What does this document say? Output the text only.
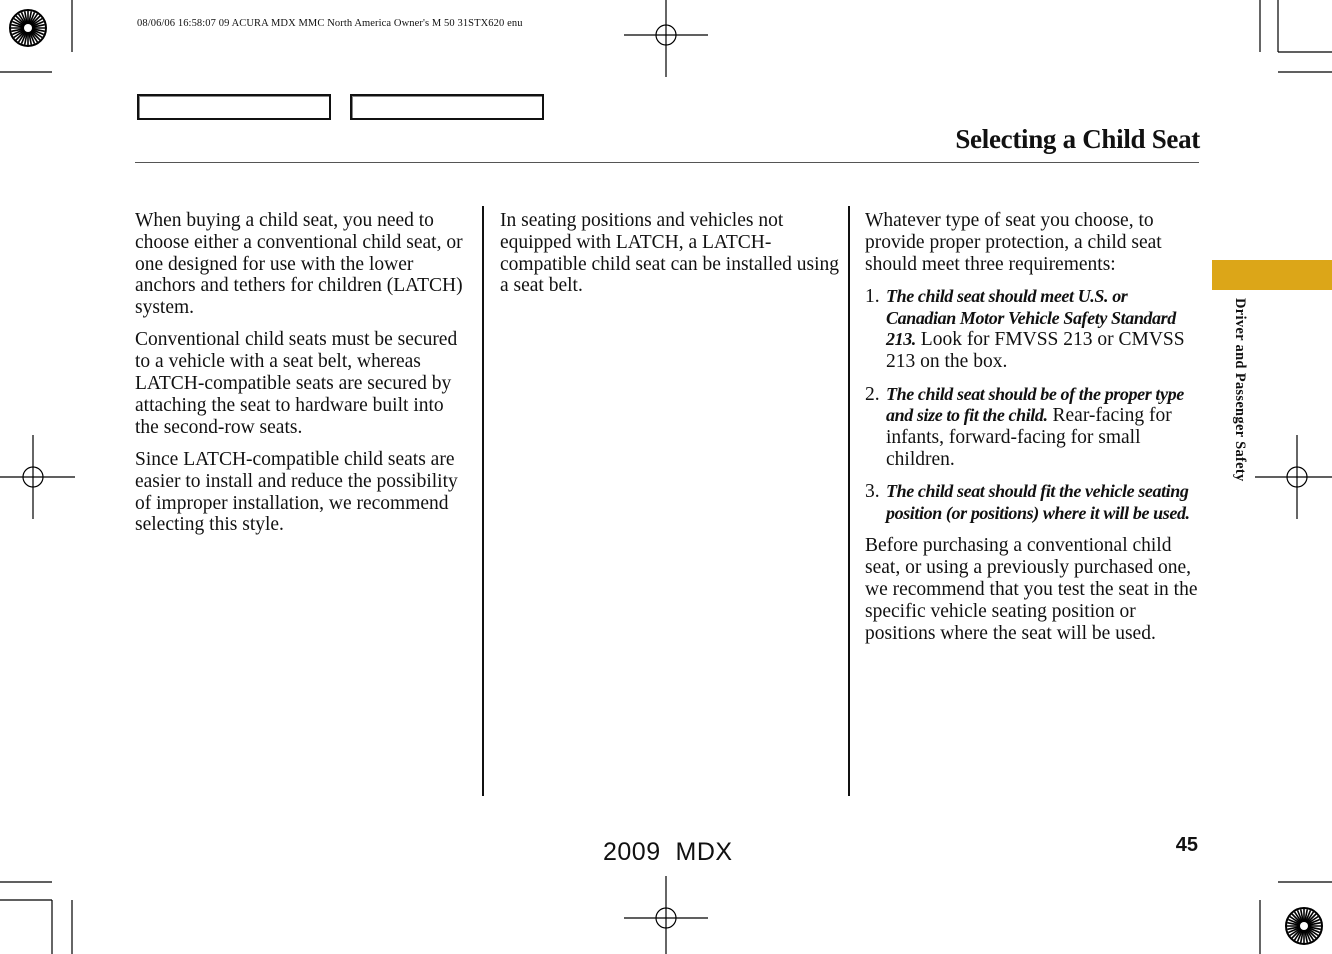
08/06/06 16:58:07 09 ACURA MDX MMC North America Owner's M 50 31STX620 enu
Selecting a Child Seat

When buying a child seat, you need to choose either a conventional child seat, or one designed for use with the lower anchors and tethers for children (LATCH) system.

Conventional child seats must be secured to a vehicle with a seat belt, whereas LATCH-compatible seats are secured by attaching the seat to hardware built into the second-row seats.

Since LATCH-compatible child seats are easier to install and reduce the possibility of improper installation, we recommend selecting this style.

In seating positions and vehicles not equipped with LATCH, a LATCH-compatible child seat can be installed using a seat belt.

Whatever type of seat you choose, to provide proper protection, a child seat should meet three requirements:

1. The child seat should meet U.S. or Canadian Motor Vehicle Safety Standard 213. Look for FMVSS 213 or CMVSS 213 on the box.
2. The child seat should be of the proper type and size to fit the child. Rear-facing for infants, forward-facing for small children.
3. The child seat should fit the vehicle seating position (or positions) where it will be used.

Before purchasing a conventional child seat, or using a previously purchased one, we recommend that you test the seat in the specific vehicle seating position or positions where the seat will be used.

Driver and Passenger Safety
45
2009  MDX
